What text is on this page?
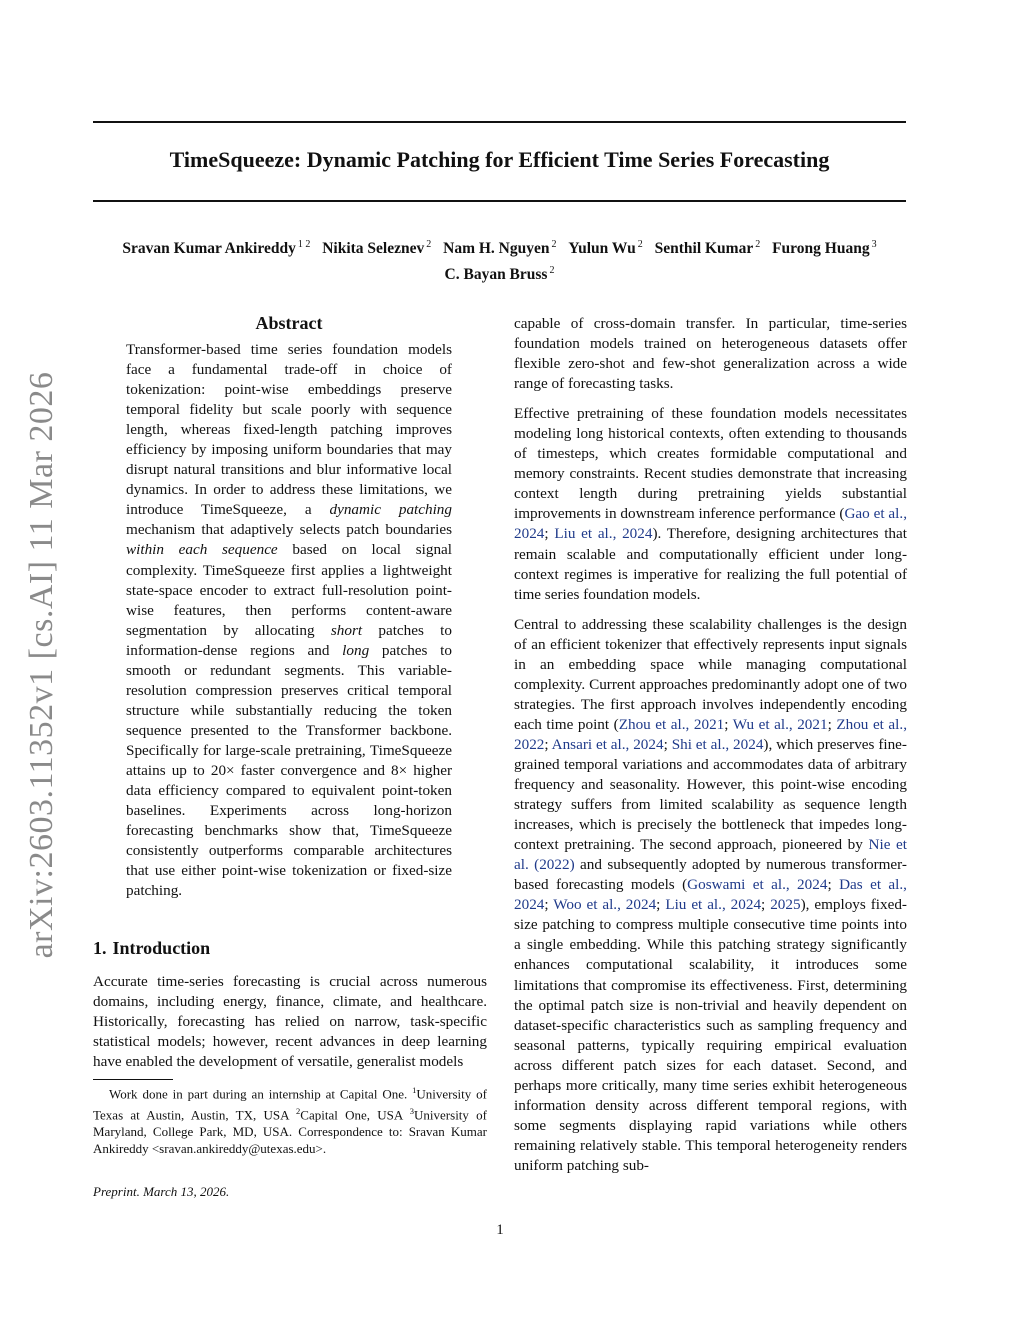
arXiv:2603.11352v1 [cs.AI] 11 Mar 2026
TimeSqueeze: Dynamic Patching for Efficient Time Series Forecasting
Sravan Kumar Ankireddy $^{1 2}$ Nikita Seleznev $^2$ Nam H. Nguyen $^2$ Yulun Wu $^2$ Senthil Kumar $^2$ Furong Huang $^3$
C. Bayan Bruss $^2$
Abstract
Transformer-based time series foundation models face a fundamental trade-off in choice of tokenization: point-wise embeddings preserve temporal fidelity but scale poorly with sequence length, whereas fixed-length patching improves efficiency by imposing uniform boundaries that may disrupt natural transitions and blur informative local dynamics. In order to address these limitations, we introduce TimeSqueeze, a dynamic patching mechanism that adaptively selects patch boundaries within each sequence based on local signal complexity. TimeSqueeze first applies a lightweight state-space encoder to extract full-resolution point-wise features, then performs content-aware segmentation by allocating short patches to information-dense regions and long patches to smooth or redundant segments. This variable-resolution compression preserves critical temporal structure while substantially reducing the token sequence presented to the Transformer backbone. Specifically for large-scale pretraining, TimeSqueeze attains up to 20× faster convergence and 8× higher data efficiency compared to equivalent point-token baselines. Experiments across long-horizon forecasting benchmarks show that, TimeSqueeze consistently outperforms comparable architectures that use either point-wise tokenization or fixed-size patching.
1. Introduction
Accurate time-series forecasting is crucial across numerous domains, including energy, finance, climate, and healthcare. Historically, forecasting has relied on narrow, task-specific statistical models; however, recent advances in deep learning have enabled the development of versatile, generalist models

Work done in part during an internship at Capital One. $^1$University of Texas at Austin, Austin, TX, USA $^2$Capital One, USA $^3$University of Maryland, College Park, MD, USA. Correspondence to: Sravan Kumar Ankireddy <sravan.ankireddy@utexas.edu>.

Preprint. March 13, 2026.

capable of cross-domain transfer. In particular, time-series foundation models trained on heterogeneous datasets offer flexible zero-shot and few-shot generalization across a wide range of forecasting tasks.

Effective pretraining of these foundation models necessitates modeling long historical contexts, often extending to thousands of timesteps, which creates formidable computational and memory constraints. Recent studies demonstrate that increasing context length during pretraining yields substantial improvements in downstream inference performance (Gao et al., 2024; Liu et al., 2024). Therefore, designing architectures that remain scalable and computationally efficient under long-context regimes is imperative for realizing the full potential of time series foundation models.

Central to addressing these scalability challenges is the design of an efficient tokenizer that effectively represents input signals in an embedding space while managing computational complexity. Current approaches predominantly adopt one of two strategies. The first approach involves independently encoding each time point (Zhou et al., 2021; Wu et al., 2021; Zhou et al., 2022; Ansari et al., 2024; Shi et al., 2024), which preserves fine-grained temporal variations and accommodates data of arbitrary frequency and seasonality. However, this point-wise encoding strategy suffers from limited scalability as sequence length increases, which is precisely the bottleneck that impedes long-context pretraining. The second approach, pioneered by Nie et al. (2022) and subsequently adopted by numerous transformer-based forecasting models (Goswami et al., 2024; Das et al., 2024; Woo et al., 2024; Liu et al., 2024; 2025), employs fixed-size patching to compress multiple consecutive time points into a single embedding. While this patching strategy significantly enhances computational scalability, it introduces some limitations that compromise its effectiveness. First, determining the optimal patch size is non-trivial and heavily dependent on dataset-specific characteristics such as sampling frequency and seasonal patterns, typically requiring empirical evaluation across different patch sizes for each dataset. Second, and perhaps more critically, many time series exhibit heterogeneous information density across different temporal regions, with some segments displaying rapid variations while others remaining relatively stable. This temporal heterogeneity renders uniform patching sub-

1
